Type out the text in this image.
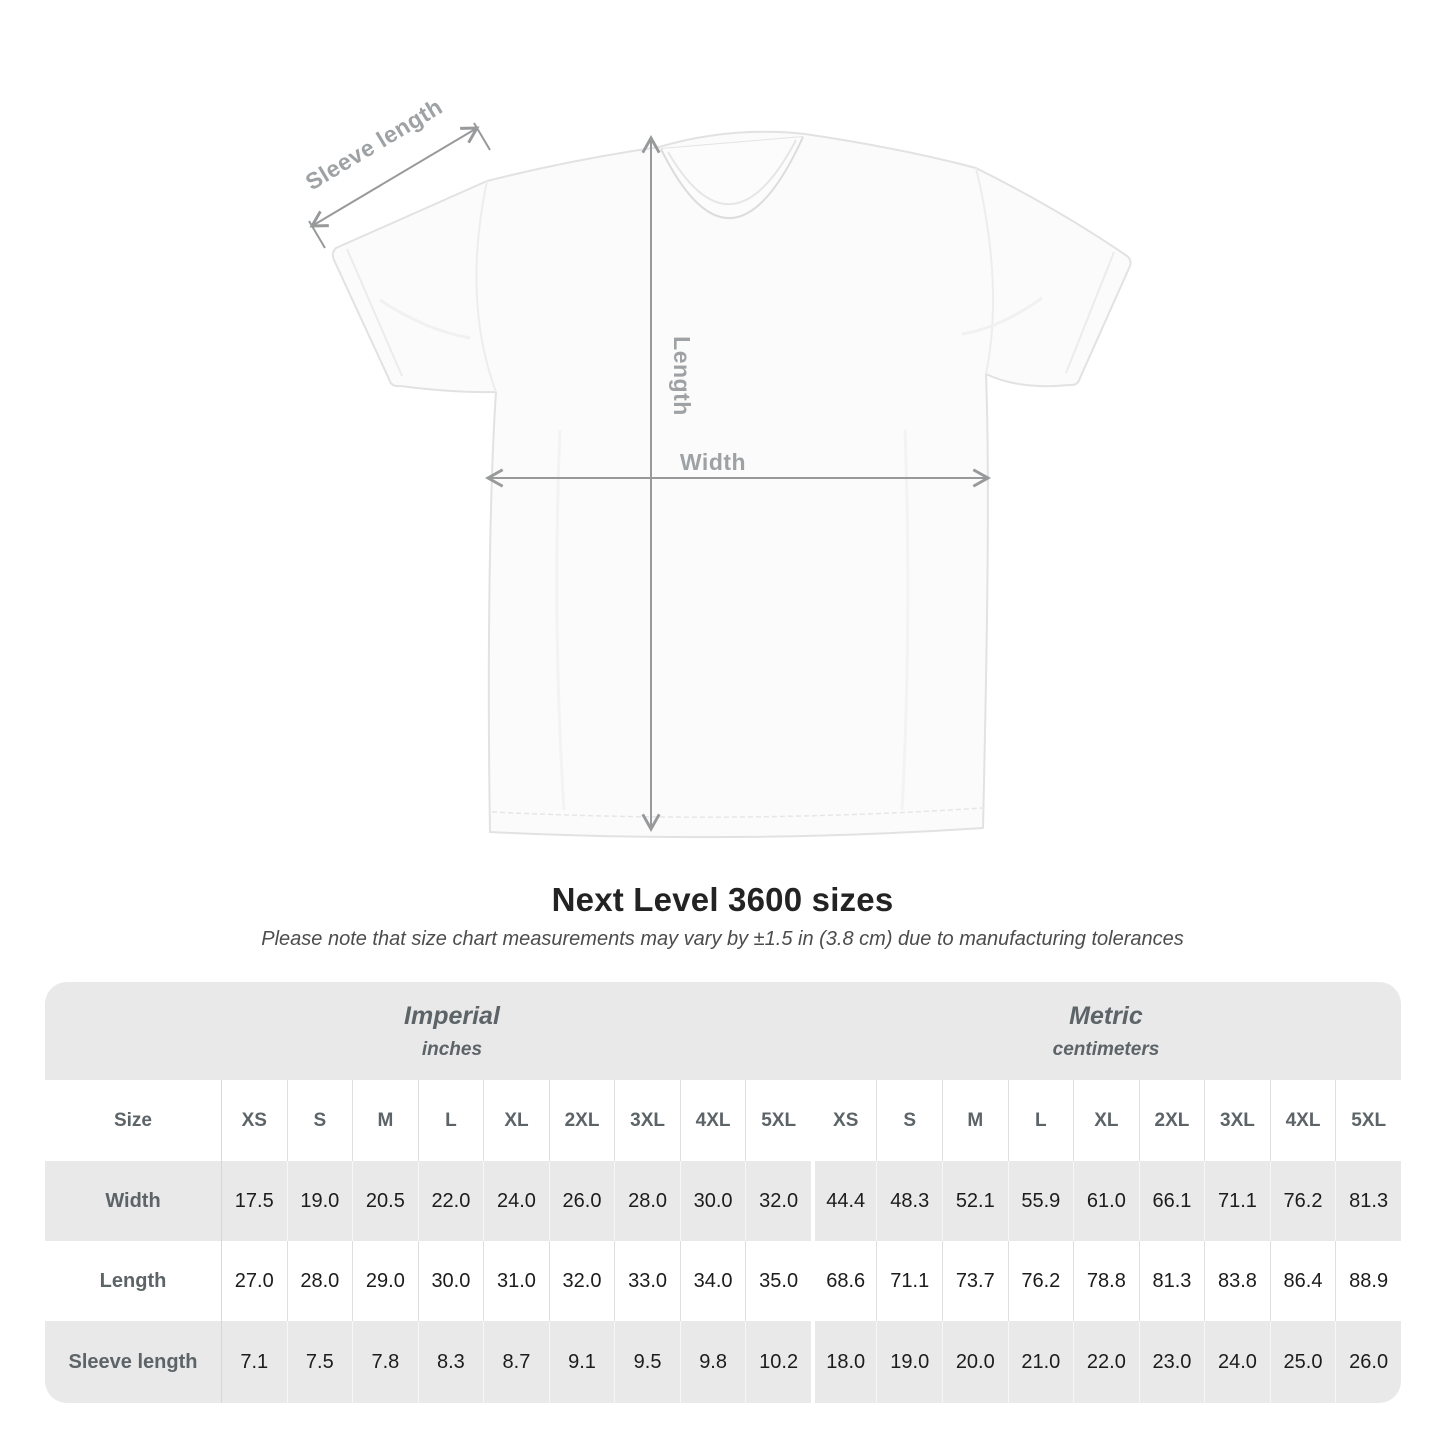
Sleeve length
Length
Width
Next Level 3600 sizes
Please note that size chart measurements may vary by ±1.5 in (3.8 cm) due to manufacturing tolerances
Imperial
inches

Metric
centimeters

Size	XS	S	M	L	XL	2XL	3XL	4XL	5XL	XS	S	M	L	XL	2XL	3XL	4XL	5XL
Width	17.5	19.0	20.5	22.0	24.0	26.0	28.0	30.0	32.0	44.4	48.3	52.1	55.9	61.0	66.1	71.1	76.2	81.3
Length	27.0	28.0	29.0	30.0	31.0	32.0	33.0	34.0	35.0	68.6	71.1	73.7	76.2	78.8	81.3	83.8	86.4	88.9
Sleeve length	7.1	7.5	7.8	8.3	8.7	9.1	9.5	9.8	10.2	18.0	19.0	20.0	21.0	22.0	23.0	24.0	25.0	26.0
